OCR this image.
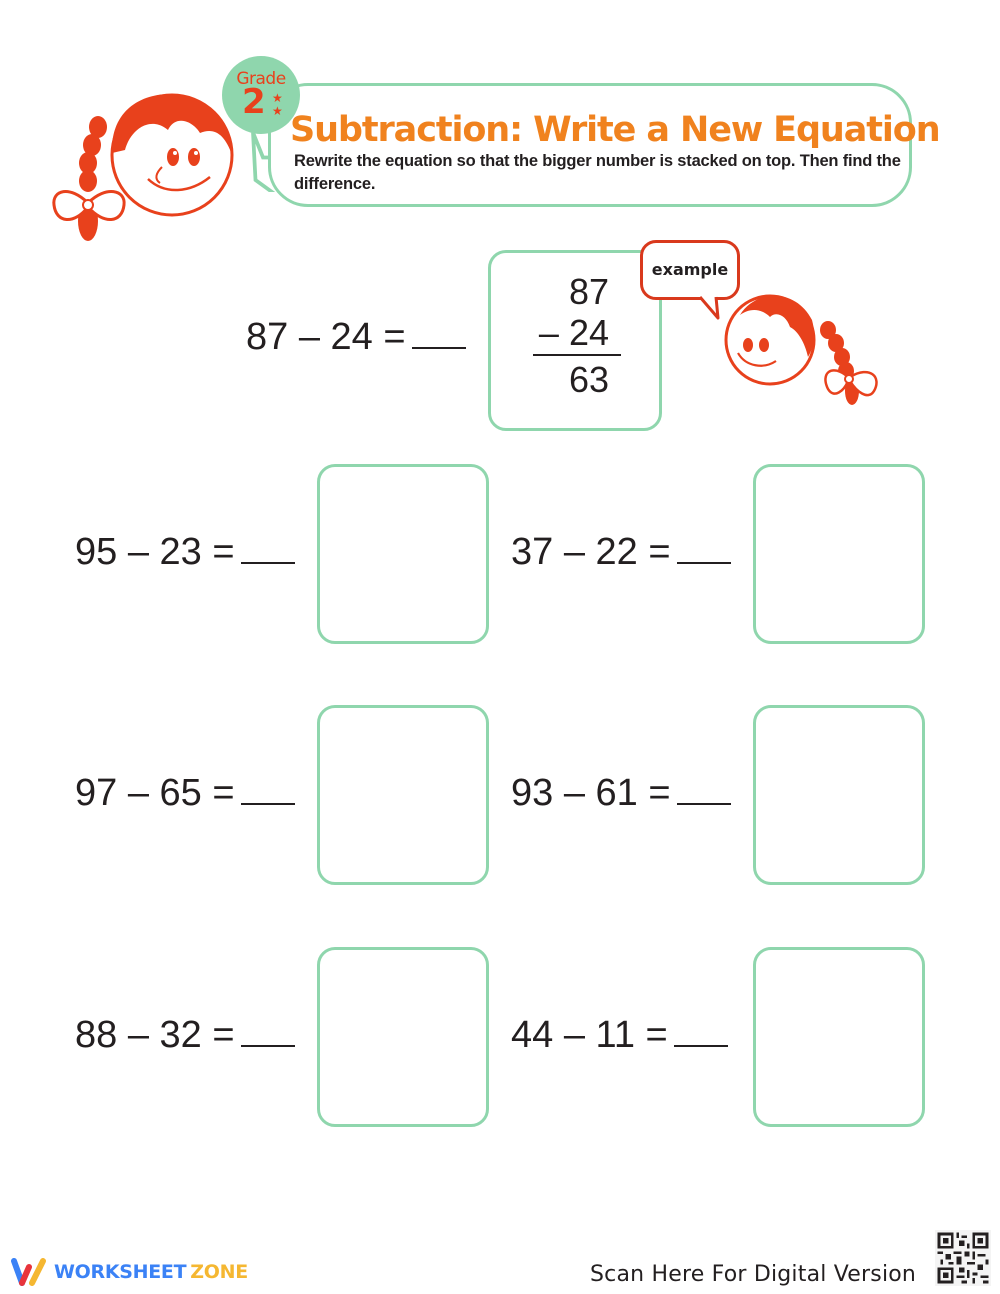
Grade
2 ★
★ Subtraction: Write a New Equation
Rewrite the equation so that the bigger number is stacked on top. Then find the difference.
87 – 24 =
87
– 24
63
example
95 – 23 =	37 – 22 =
97 – 65 =	93 – 61 =
88 – 32 =	44 – 11 =
WORKSHEET ZONE	Scan Here For Digital Version
